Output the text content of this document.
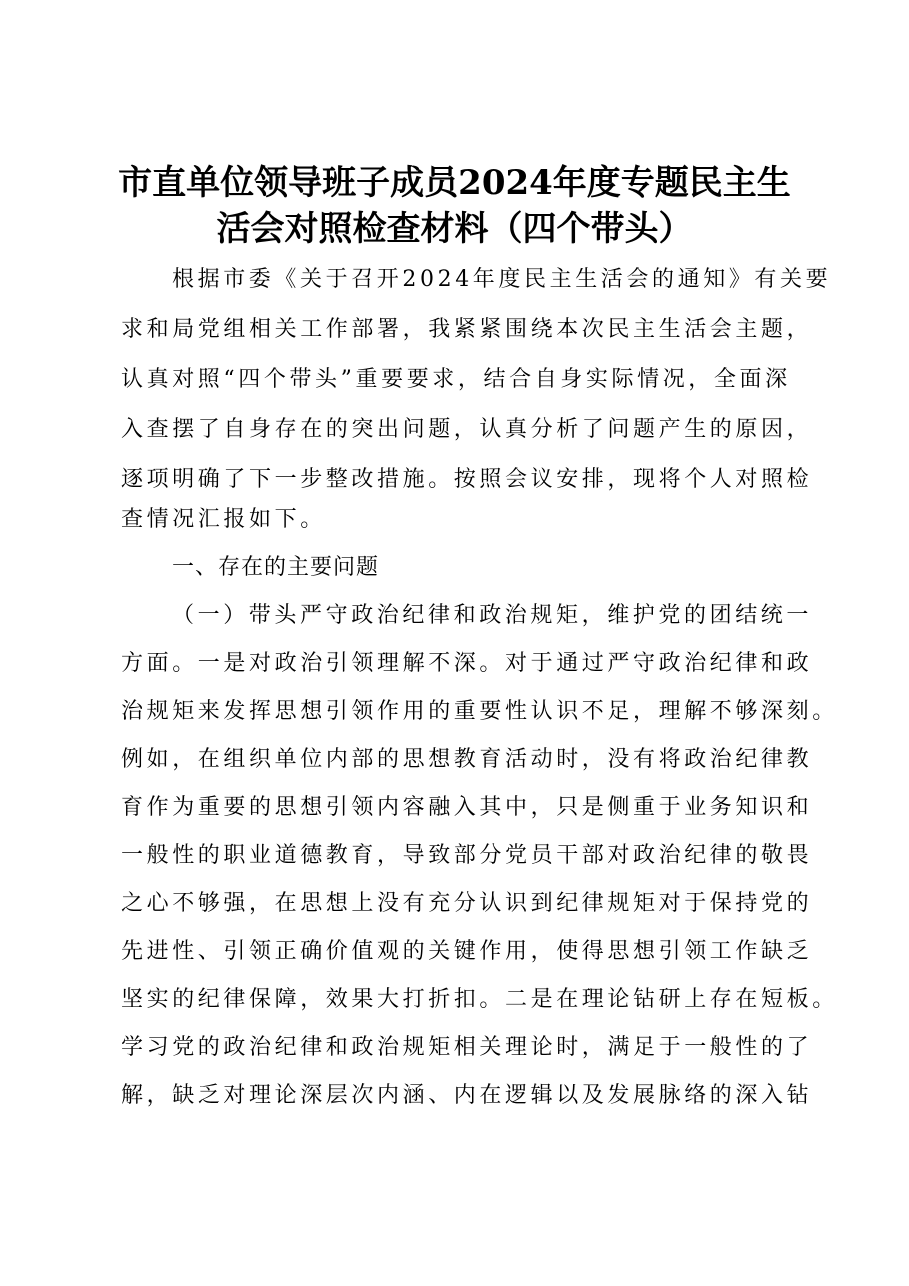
市直单位领导班子成员2024年度专题民主生
活会对照检查材料（四个带头）
根据市委《关于召开2024年度民主生活会的通知》有关要
求和局党组相关工作部署，我紧紧围绕本次民主生活会主题，
认真对照“四个带头”重要要求，结合自身实际情况，全面深
入查摆了自身存在的突出问题，认真分析了问题产生的原因，
逐项明确了下一步整改措施。按照会议安排，现将个人对照检
查情况汇报如下。
一、存在的主要问题
（一）带头严守政治纪律和政治规矩，维护党的团结统一
方面。一是对政治引领理解不深。对于通过严守政治纪律和政
治规矩来发挥思想引领作用的重要性认识不足，理解不够深刻。
例如，在组织单位内部的思想教育活动时，没有将政治纪律教
育作为重要的思想引领内容融入其中，只是侧重于业务知识和
一般性的职业道德教育，导致部分党员干部对政治纪律的敬畏
之心不够强，在思想上没有充分认识到纪律规矩对于保持党的
先进性、引领正确价值观的关键作用，使得思想引领工作缺乏
坚实的纪律保障，效果大打折扣。二是在理论钻研上存在短板。
学习党的政治纪律和政治规矩相关理论时，满足于一般性的了
解，缺乏对理论深层次内涵、内在逻辑以及发展脉络的深入钻
